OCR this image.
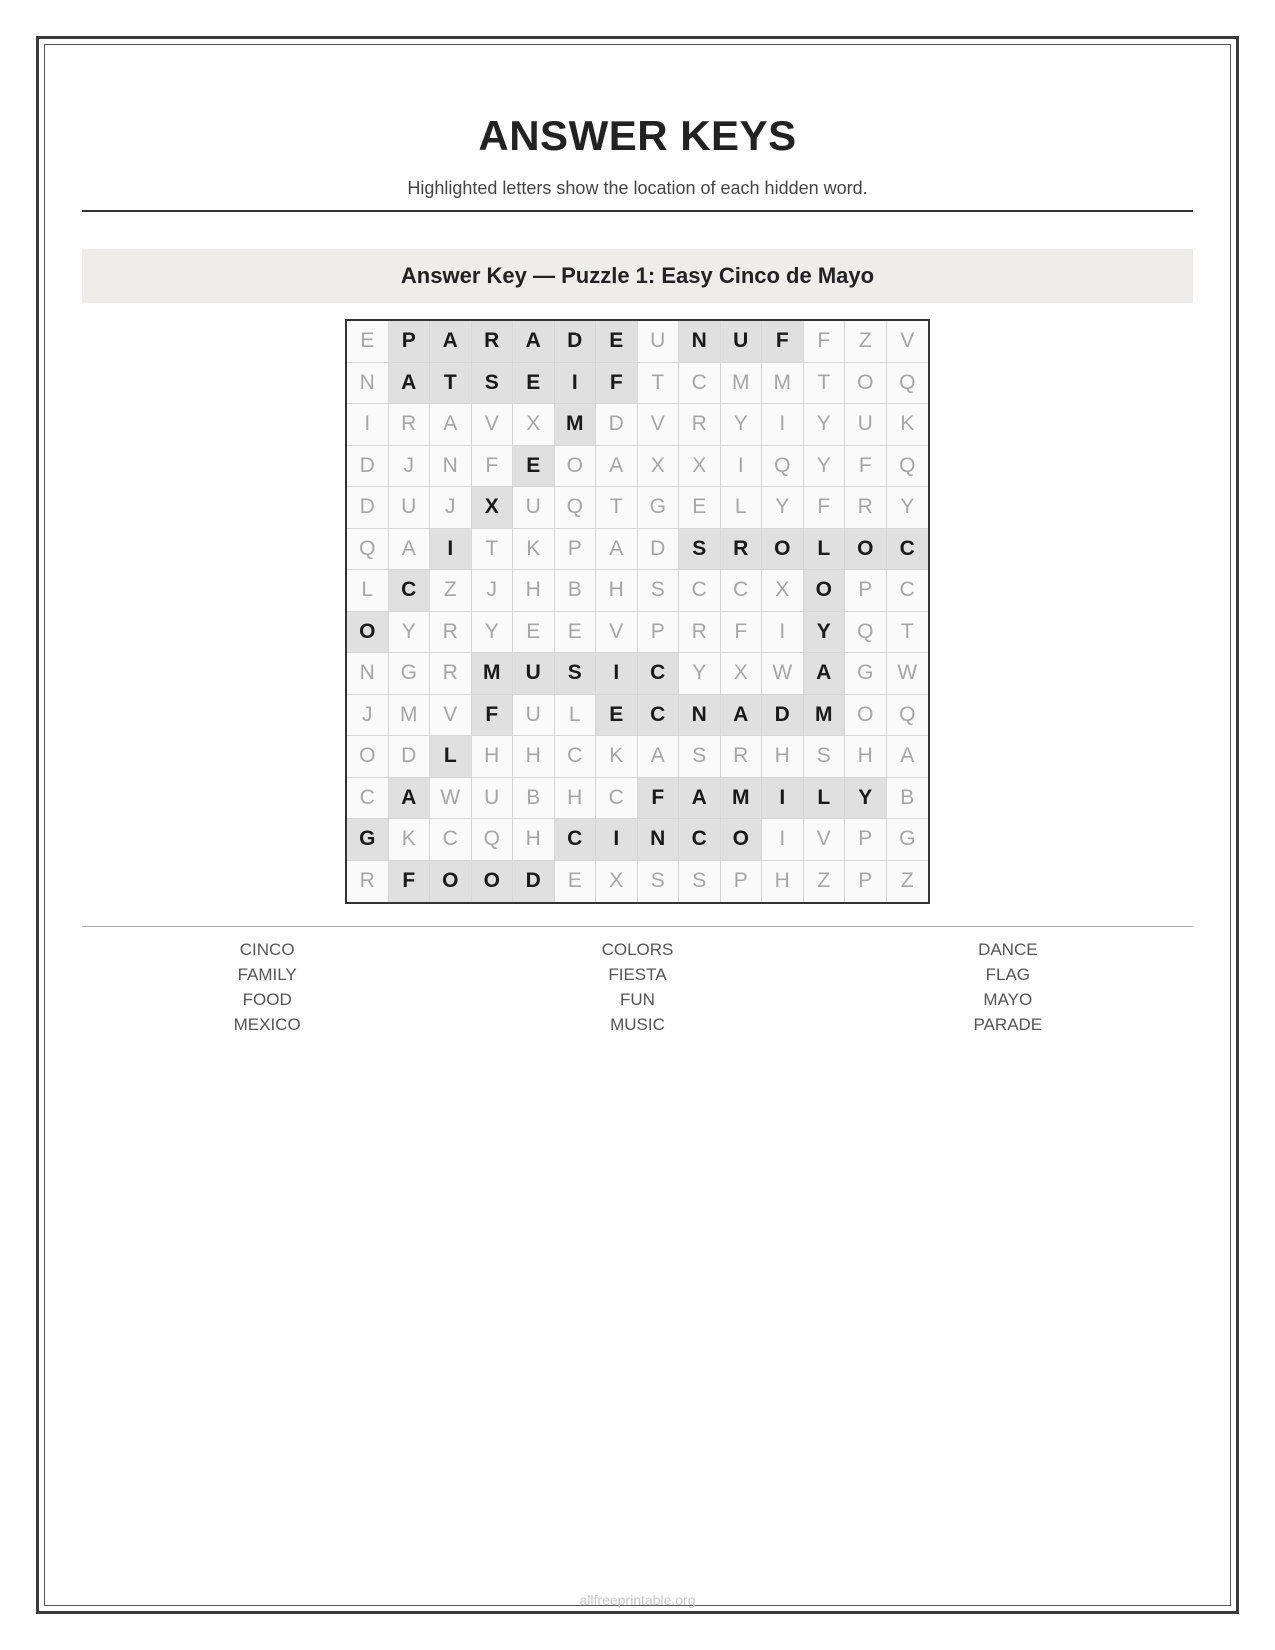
ANSWER KEYS
Highlighted letters show the location of each hidden word.
Answer Key — Puzzle 1: Easy Cinco de Mayo
E	P	A	R	A	D	E	U	N	U	F	F	Z	V
N	A	T	S	E	I	F	T	C	M	M	T	O	Q
I	R	A	V	X	M	D	V	R	Y	I	Y	U	K
D	J	N	F	E	O	A	X	X	I	Q	Y	F	Q
D	U	J	X	U	Q	T	G	E	L	Y	F	R	Y
Q	A	I	T	K	P	A	D	S	R	O	L	O	C
L	C	Z	J	H	B	H	S	C	C	X	O	P	C
O	Y	R	Y	E	E	V	P	R	F	I	Y	Q	T
N	G	R	M	U	S	I	C	Y	X	W	A	G	W
J	M	V	F	U	L	E	C	N	A	D	M	O	Q
O	D	L	H	H	C	K	A	S	R	H	S	H	A
C	A	W	U	B	H	C	F	A	M	I	L	Y	B
G	K	C	Q	H	C	I	N	C	O	I	V	P	G
R	F	O	O	D	E	X	S	S	P	H	Z	P	Z
CINCO	COLORS	DANCE
FAMILY	FIESTA	FLAG
FOOD	FUN	MAYO
MEXICO	MUSIC	PARADE
allfreeprintable.org
